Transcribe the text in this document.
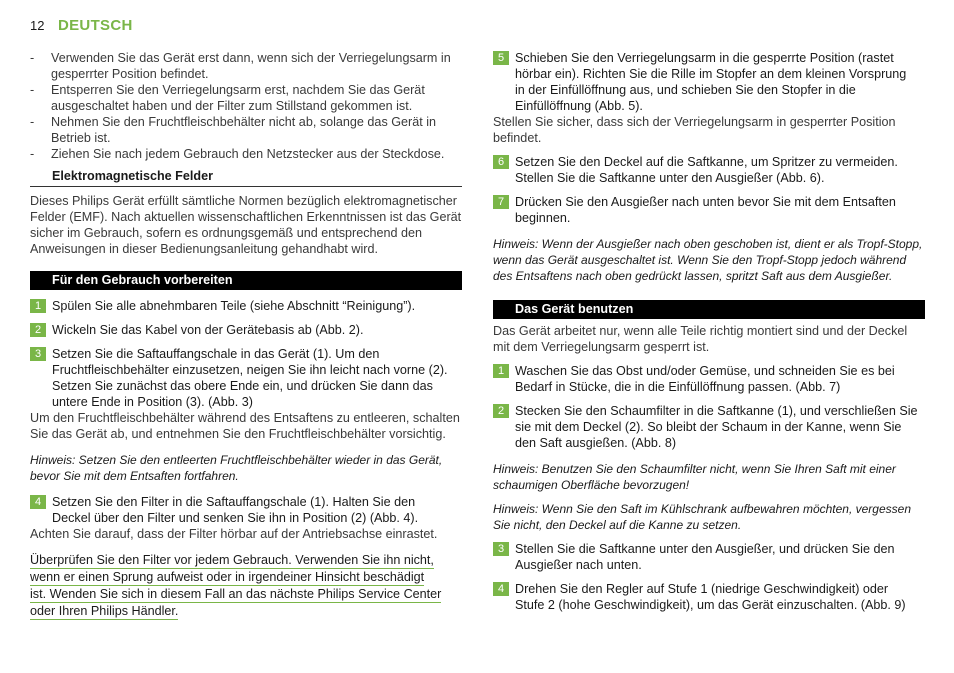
12 DEUTSCH
- Verwenden Sie das Gerät erst dann, wenn sich der Verriegelungsarm in
gesperrter Position befindet.
- Entsperren Sie den Verriegelungsarm erst, nachdem Sie das Gerät
ausgeschaltet haben und der Filter zum Stillstand gekommen ist.
- Nehmen Sie den Fruchtfleischbehälter nicht ab, solange das Gerät in
Betrieb ist.
- Ziehen Sie nach jedem Gebrauch den Netzstecker aus der Steckdose.
Elektromagnetische Felder
Dieses Philips Gerät erfüllt sämtliche Normen bezüglich elektromagnetischer
Felder (EMF). Nach aktuellen wissenschaftlichen Erkenntnissen ist das Gerät
sicher im Gebrauch, sofern es ordnungsgemäß und entsprechend den
Anweisungen in dieser Bedienungsanleitung gehandhabt wird.
Für den Gebrauch vorbereiten
1 Spülen Sie alle abnehmbaren Teile (siehe Abschnitt “Reinigung”).
2 Wickeln Sie das Kabel von der Gerätebasis ab (Abb. 2).
3 Setzen Sie die Saftauffangschale in das Gerät (1). Um den
Fruchtfleischbehälter einzusetzen, neigen Sie ihn leicht nach vorne (2).
Setzen Sie zunächst das obere Ende ein, und drücken Sie dann das
untere Ende in Position (3). (Abb. 3)
Um den Fruchtfleischbehälter während des Entsaftens zu entleeren, schalten
Sie das Gerät ab, und entnehmen Sie den Fruchtfleischbehälter vorsichtig.
Hinweis: Setzen Sie den entleerten Fruchtfleischbehälter wieder in das Gerät,
bevor Sie mit dem Entsaften fortfahren.
4 Setzen Sie den Filter in die Saftauffangschale (1). Halten Sie den
Deckel über den Filter und senken Sie ihn in Position (2) (Abb. 4).
Achten Sie darauf, dass der Filter hörbar auf der Antriebsachse einrastet.
Überprüfen Sie den Filter vor jedem Gebrauch. Verwenden Sie ihn nicht,
wenn er einen Sprung aufweist oder in irgendeiner Hinsicht beschädigt
ist. Wenden Sie sich in diesem Fall an das nächste Philips Service Center
oder Ihren Philips Händler.
5 Schieben Sie den Verriegelungsarm in die gesperrte Position (rastet
hörbar ein). Richten Sie die Rille im Stopfer an dem kleinen Vorsprung
in der Einfüllöffnung aus, und schieben Sie den Stopfer in die
Einfüllöffnung (Abb. 5).
Stellen Sie sicher, dass sich der Verriegelungsarm in gesperrter Position
befindet.
6 Setzen Sie den Deckel auf die Saftkanne, um Spritzer zu vermeiden.
Stellen Sie die Saftkanne unter den Ausgießer (Abb. 6).
7 Drücken Sie den Ausgießer nach unten bevor Sie mit dem Entsaften
beginnen.
Hinweis: Wenn der Ausgießer nach oben geschoben ist, dient er als Tropf-Stopp,
wenn das Gerät ausgeschaltet ist. Wenn Sie den Tropf-Stopp jedoch während
des Entsaftens nach oben gedrückt lassen, spritzt Saft aus dem Ausgießer.
Das Gerät benutzen
Das Gerät arbeitet nur, wenn alle Teile richtig montiert sind und der Deckel
mit dem Verriegelungsarm gesperrt ist.
1 Waschen Sie das Obst und/oder Gemüse, und schneiden Sie es bei
Bedarf in Stücke, die in die Einfüllöffnung passen. (Abb. 7)
2 Stecken Sie den Schaumfilter in die Saftkanne (1), und verschließen Sie
sie mit dem Deckel (2). So bleibt der Schaum in der Kanne, wenn Sie
den Saft ausgießen. (Abb. 8)
Hinweis: Benutzen Sie den Schaumfilter nicht, wenn Sie Ihren Saft mit einer
schaumigen Oberfläche bevorzugen!
Hinweis: Wenn Sie den Saft im Kühlschrank aufbewahren möchten, vergessen
Sie nicht, den Deckel auf die Kanne zu setzen.
3 Stellen Sie die Saftkanne unter den Ausgießer, und drücken Sie den
Ausgießer nach unten.
4 Drehen Sie den Regler auf Stufe 1 (niedrige Geschwindigkeit) oder
Stufe 2 (hohe Geschwindigkeit), um das Gerät einzuschalten. (Abb. 9)
